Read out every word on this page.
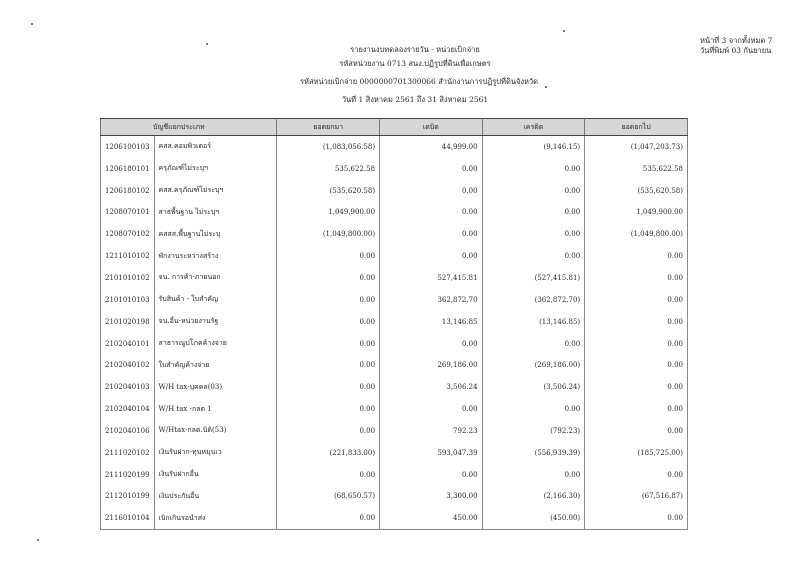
หน้าที่ 3 จากทั้งหมด 7
วันที่พิมพ์ 03 กันยายน
รายงานงบทดลองรายวัน - หน่วยเบิกจ่าย
รหัสหน่วยงาน 0713 สนง.ปฏิรูปที่ดินเพื่อเกษตร
รหัสหน่วยเบิกจ่าย 0000000701300066 สำนักงานการปฏิรูปที่ดินจังหวัด
วันที่ 1 สิงหาคม 2561 ถึง 31 สิงหาคม 2561
บัญชีแยกประเภท		ยอดยกมา	เดบิต	เครดิต	ยอดยกไป
1206100103	คสส.คอมพิวเตอร์	(1,083,056.58)	44,999.00	(9,146.15)	(1,047,203.73)
1206180101	ครุภัณฑ์ไม่ระบุฯ	535,622.58	0.00	0.00	535,622.58
1206180102	คสส.ครุภัณฑ์ไม่ระบุฯ	(535,620.58)	0.00	0.00	(535,620.58)
1208070101	สาธพื้นฐาน ไม่ระบุฯ	1,049,900.00	0.00	0.00	1,049,900.00
1208070102	คสสส.พื้นฐานไม่ระบุ	(1,049,800.00)	0.00	0.00	(1,049,800.00)
1211010102	พักงานระหว่างสร้าง	0.00	0.00	0.00	0.00
2101010102	จน. การค้า-ภายนอก	0.00	527,415.81	(527,415.81)	0.00
2101010103	รับสินค้า - ใบสำคัญ	0.00	362,872.70	(362,872.70)	0.00
2101020198	จน.อื่น-หน่วยงานรัฐ	0.00	13,146.85	(13,146.85)	0.00
2102040101	สาธารณูปโภคค้างจ่าย	0.00	0.00	0.00	0.00
2102040102	ใบสำคัญค้างจ่าย	0.00	269,186.00	(269,186.00)	0.00
2102040103	W/H tax-บุคคล(03)	0.00	3,506.24	(3,506.24)	0.00
2102040104	W/H tax -กลต 1	0.00	0.00	0.00	0.00
2102040106	W/Htax-กลต.นิติ(53)	0.00	792.23	(792.23)	0.00
2111020102	เงินรับฝาก-ทุนหมุนเว	(221,833.00)	593,047.39	(556,939.39)	(185,725.00)
2111020199	เงินรับฝากอื่น	0.00	0.00	0.00	0.00
2112010199	เงินประกันอื่น	(68,650.57)	3,300.00	(2,166.30)	(67,516.87)
2116010104	เบิกเกินรอนำส่ง	0.00	450.00	(450.00)	0.00
